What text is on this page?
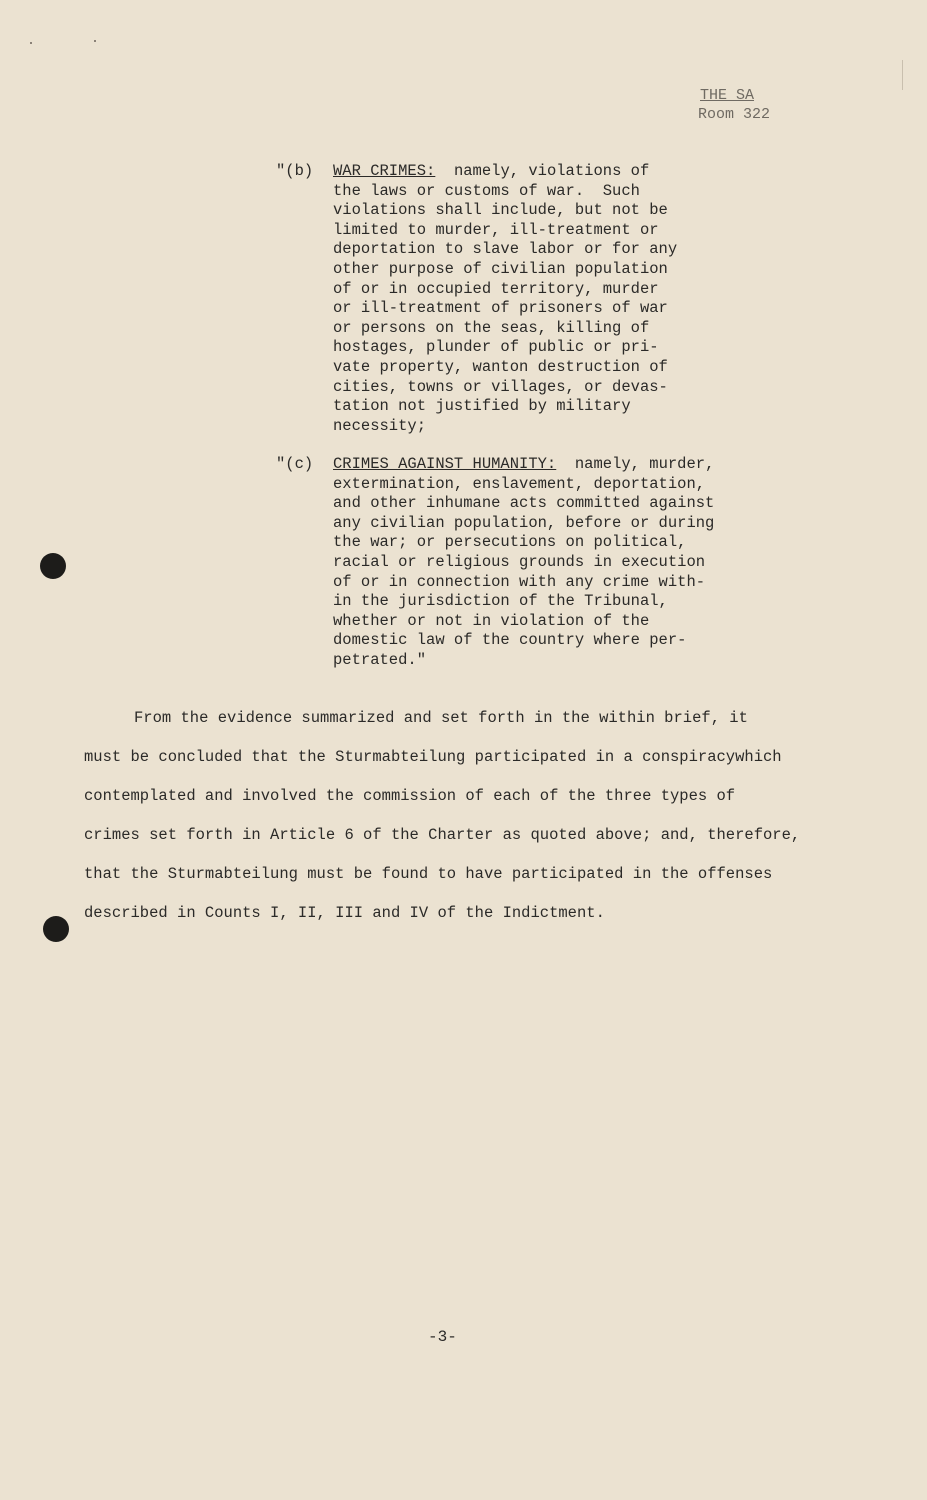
THE SA
Room 322
"(b) WAR CRIMES: namely, violations of
the laws or customs of war.  Such
violations shall include, but not be
limited to murder, ill-treatment or
deportation to slave labor or for any
other purpose of civilian population
of or in occupied territory, murder
or ill-treatment of prisoners of war
or persons on the seas, killing of
hostages, plunder of public or pri-
vate property, wanton destruction of
cities, towns or villages, or devas-
tation not justified by military
necessity;
"(c) CRIMES AGAINST HUMANITY: namely, murder,
extermination, enslavement, deportation,
and other inhumane acts committed against
any civilian population, before or during
the war; or persecutions on political,
racial or religious grounds in execution
of or in connection with any crime with-
in the jurisdiction of the Tribunal,
whether or not in violation of the
domestic law of the country where per-
petrated."
From the evidence summarized and set forth in the within brief, it
must be concluded that the Sturmabteilung participated in a conspiracywhich
contemplated and involved the commission of each of the three types of
crimes set forth in Article 6 of the Charter as quoted above; and, therefore,
that the Sturmabteilung must be found to have participated in the offenses
described in Counts I, II, III and IV of the Indictment.
-3-
